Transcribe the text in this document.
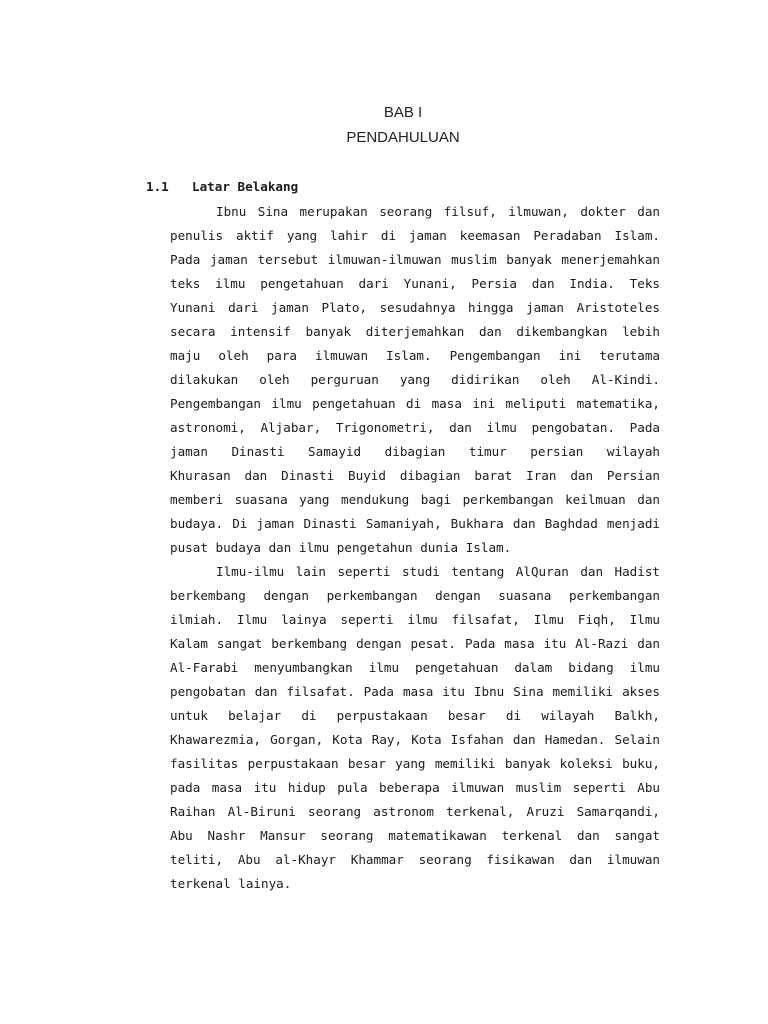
BAB I
PENDAHULUAN
1.1 Latar Belakang
Ibnu Sina merupakan seorang filsuf, ilmuwan, dokter dan
penulis aktif yang lahir di jaman keemasan Peradaban Islam.
Pada jaman tersebut ilmuwan-ilmuwan muslim banyak menerjemahkan
teks ilmu pengetahuan dari Yunani, Persia dan India. Teks
Yunani dari jaman Plato, sesudahnya hingga jaman Aristoteles
secara intensif banyak diterjemahkan dan dikembangkan lebih
maju oleh para ilmuwan Islam. Pengembangan ini terutama
dilakukan oleh perguruan yang didirikan oleh Al-Kindi.
Pengembangan ilmu pengetahuan di masa ini meliputi matematika,
astronomi, Aljabar, Trigonometri, dan ilmu pengobatan. Pada
jaman Dinasti Samayid dibagian timur persian wilayah
Khurasan dan Dinasti Buyid dibagian barat Iran dan Persian
memberi suasana yang mendukung bagi perkembangan keilmuan dan
budaya. Di jaman Dinasti Samaniyah, Bukhara dan Baghdad menjadi
pusat budaya dan ilmu pengetahun dunia Islam.
Ilmu-ilmu lain seperti studi tentang AlQuran dan Hadist
berkembang dengan perkembangan dengan suasana perkembangan
ilmiah. Ilmu lainya seperti ilmu filsafat, Ilmu Fiqh, Ilmu
Kalam sangat berkembang dengan pesat. Pada masa itu Al-Razi dan
Al-Farabi menyumbangkan ilmu pengetahuan dalam bidang ilmu
pengobatan dan filsafat. Pada masa itu Ibnu Sina memiliki akses
untuk belajar di perpustakaan besar di wilayah Balkh,
Khawarezmia, Gorgan, Kota Ray, Kota Isfahan dan Hamedan. Selain
fasilitas perpustakaan besar yang memiliki banyak koleksi buku,
pada masa itu hidup pula beberapa ilmuwan muslim seperti Abu
Raihan Al-Biruni seorang astronom terkenal, Aruzi Samarqandi,
Abu Nashr Mansur seorang matematikawan terkenal dan sangat
teliti, Abu al-Khayr Khammar seorang fisikawan dan ilmuwan
terkenal lainya.
